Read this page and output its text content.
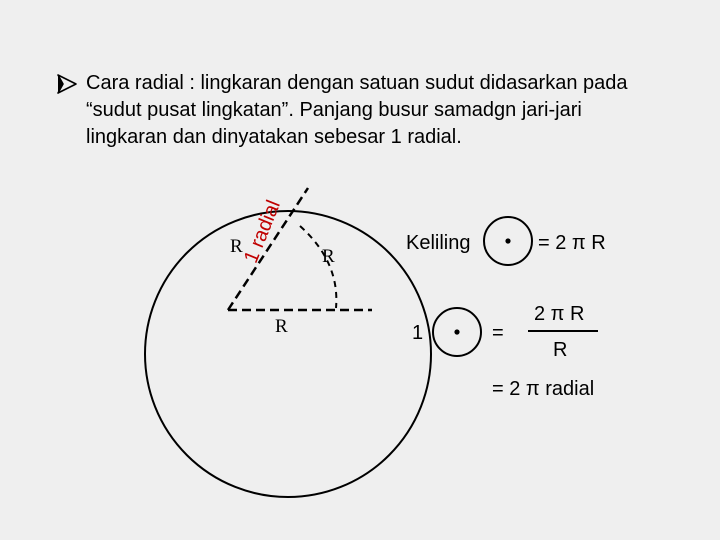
Cara radial : lingkaran dengan satuan sudut didasarkan pada
“sudut pusat lingkatan”. Panjang busur samadgn jari-jari
lingkaran dan dinyatakan sebesar 1 radial.

R	R
R
1 radial	Keliling	= 2 π R
1	=
2 π R
R
= 2 π radial
